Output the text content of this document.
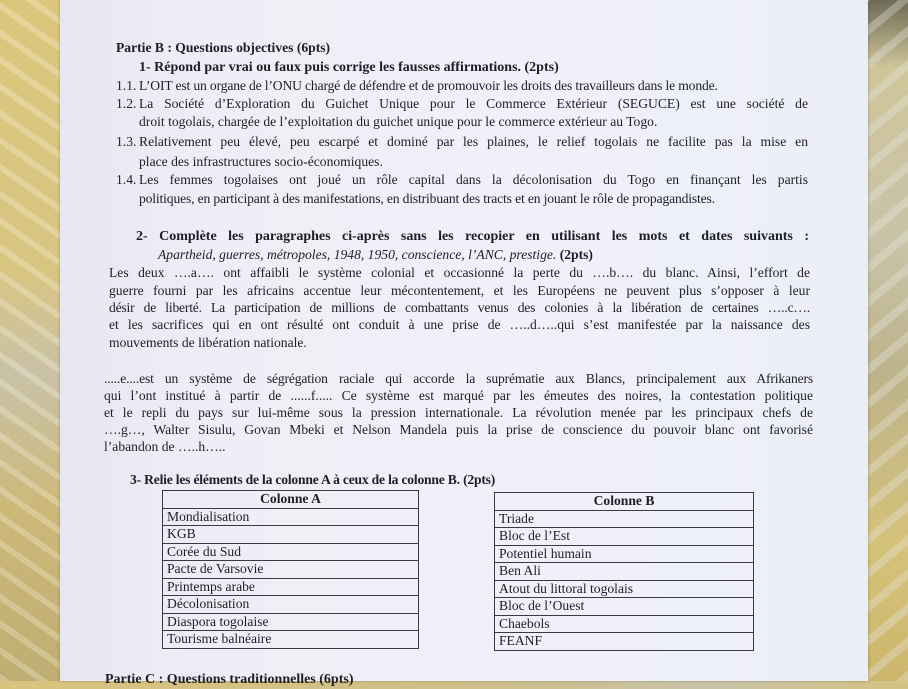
Partie B : Questions objectives (6pts)
1- Répond par vrai ou faux puis corrige les fausses affirmations. (2pts)
1.1. L’OIT est un organe de l’ONU chargé de défendre et de promouvoir les droits des travailleurs dans le monde.
1.2. La Société d’Exploration du Guichet Unique pour le Commerce Extérieur (SEGUCE) est une société de
droit togolais, chargée de l’exploitation du guichet unique pour le commerce extérieur au Togo.
1.3. Relativement peu élevé, peu escarpé et dominé par les plaines, le relief togolais ne facilite pas la mise en
place des infrastructures socio-économiques.
1.4. Les femmes togolaises ont joué un rôle capital dans la décolonisation du Togo en finançant les partis
politiques, en participant à des manifestations, en distribuant des tracts et en jouant le rôle de propagandistes.
2- Complète les paragraphes ci-après sans les recopier en utilisant les mots et dates suivants :
Apartheid, guerres, métropoles, 1948, 1950, conscience, l’ANC, prestige. (2pts)
Les deux ….a…. ont affaibli le système colonial et occasionné la perte du ….b…. du blanc. Ainsi, l’effort de
guerre fourni par les africains accentue leur mécontentement, et les Européens ne peuvent plus s’opposer à leur
désir de liberté. La participation de millions de combattants venus des colonies à la libération de certaines …..c….
et les sacrifices qui en ont résulté ont conduit à une prise de …..d…..qui s’est manifestée par la naissance des
mouvements de libération nationale.
.....e....est un système de ségrégation raciale qui accorde la suprématie aux Blancs, principalement aux Afrikaners
qui l’ont institué à partir de ......f..... Ce système est marqué par les émeutes des noires, la contestation politique
et le repli du pays sur lui-même sous la pression internationale. La révolution menée par les principaux chefs de
….g…, Walter Sisulu, Govan Mbeki et Nelson Mandela puis la prise de conscience du pouvoir blanc ont favorisé
l’abandon de …..h…..
3- Relie les éléments de la colonne A à ceux de la colonne B. (2pts)
Colonne A
Mondialisation
KGB
Corée du Sud
Pacte de Varsovie
Printemps arabe
Décolonisation
Diaspora togolaise
Tourisme balnéaire
Colonne B
Triade
Bloc de l’Est
Potentiel humain
Ben Ali
Atout du littoral togolais
Bloc de l’Ouest
Chaebols
FEANF
Partie C : Questions traditionnelles (6pts)
